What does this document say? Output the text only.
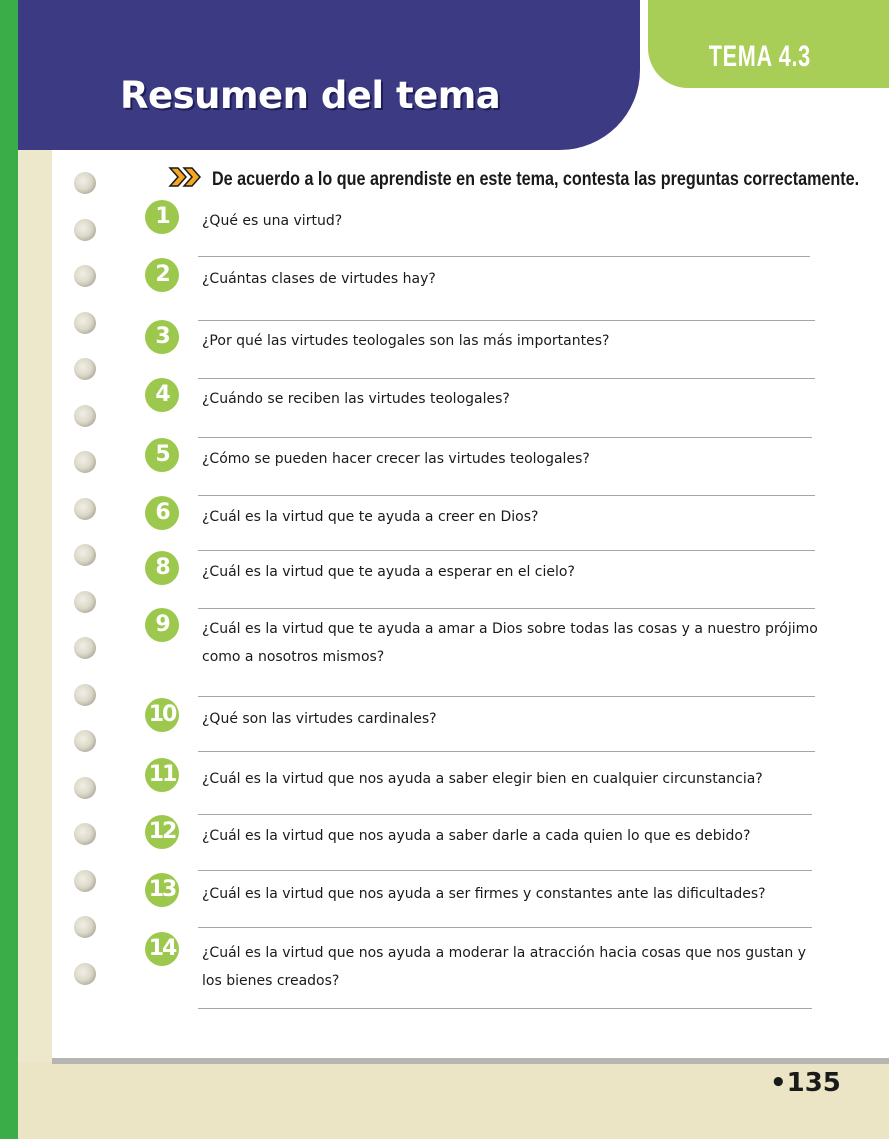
Resumen del tema
TEMA 4.3
De acuerdo a lo que aprendiste en este tema, contesta las preguntas correctamente.
1	¿Qué es una virtud?
2	¿Cuántas clases de virtudes hay?
3	¿Por qué las virtudes teologales son las más importantes?
4	¿Cuándo se reciben las virtudes teologales?
5	¿Cómo se pueden hacer crecer las virtudes teologales?
6	¿Cuál es la virtud que te ayuda a creer en Dios?
8	¿Cuál es la virtud que te ayuda a esperar en el cielo?
9	¿Cuál es la virtud que te ayuda a amar a Dios sobre todas las cosas y a nuestro prójimo como a nosotros mismos?
10 ¿Qué son las virtudes cardinales?
11 ¿Cuál es la virtud que nos ayuda a saber elegir bien en cualquier circunstancia?
12 ¿Cuál es la virtud que nos ayuda a saber darle a cada quien lo que es debido?
13 ¿Cuál es la virtud que nos ayuda a ser firmes y constantes ante las dificultades?
14 ¿Cuál es la virtud que nos ayuda a moderar la atracción hacia cosas que nos gustan y los bienes creados?
•135
